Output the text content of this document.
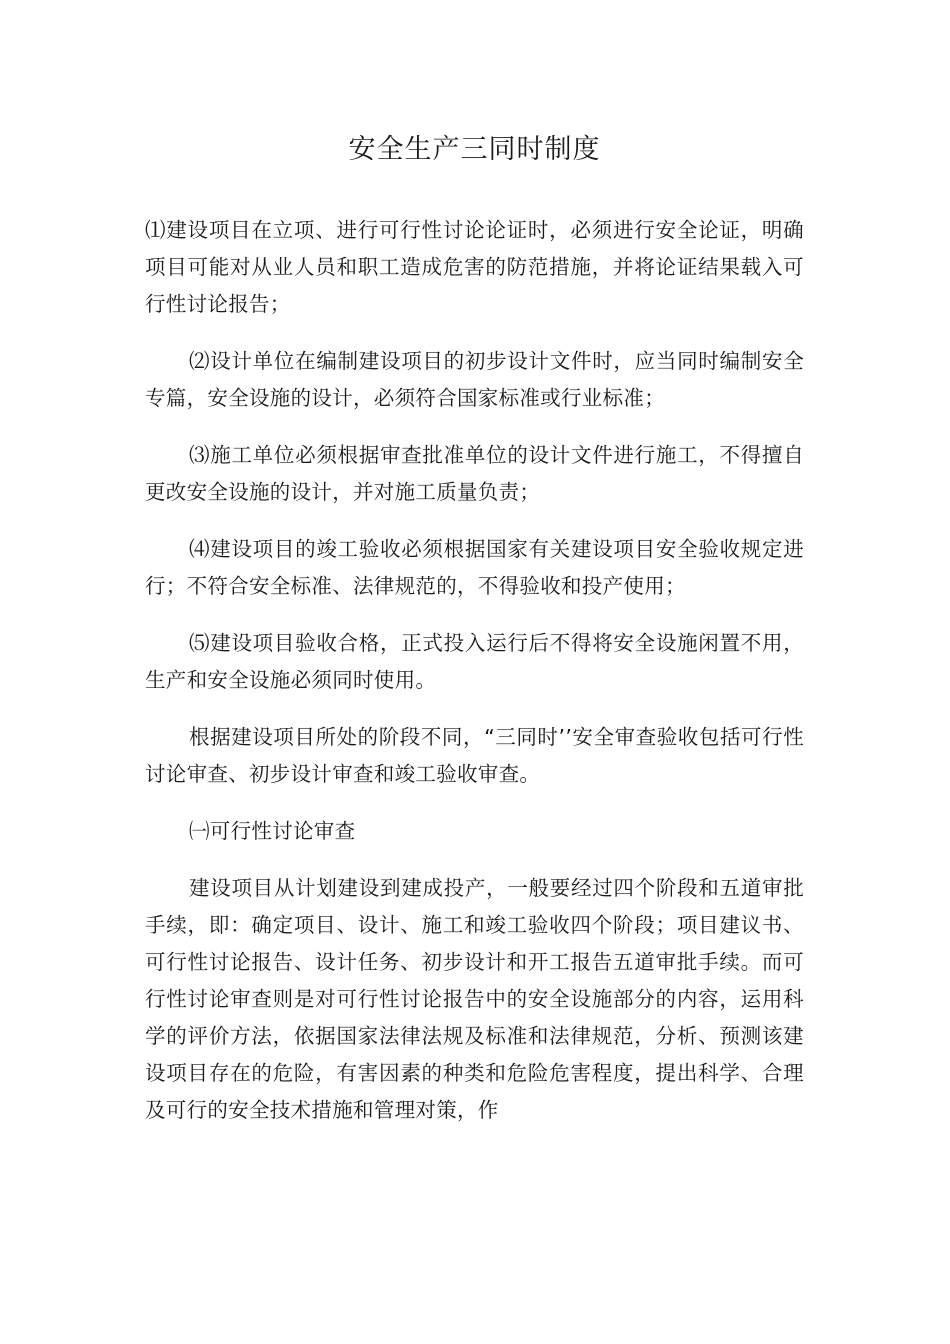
安全生产三同时制度

⑴建设项目在立项、进行可行性讨论论证时，必须进行安全论证，明确项目可能对从业人员和职工造成危害的防范措施，并将论证结果载入可行性讨论报告；

⑵设计单位在编制建设项目的初步设计文件时，应当同时编制安全专篇，安全设施的设计，必须符合国家标准或行业标准；

⑶施工单位必须根据审查批准单位的设计文件进行施工，不得擅自更改安全设施的设计，并对施工质量负责；

⑷建设项目的竣工验收必须根据国家有关建设项目安全验收规定进行；不符合安全标准、法律规范的，不得验收和投产使用；

⑸建设项目验收合格，正式投入运行后不得将安全设施闲置不用，生产和安全设施必须同时使用。

根据建设项目所处的阶段不同，“三同时’’安全审查验收包括可行性讨论审查、初步设计审查和竣工验收审查。

㈠可行性讨论审查

建设项目从计划建设到建成投产，一般要经过四个阶段和五道审批手续，即：确定项目、设计、施工和竣工验收四个阶段；项目建议书、可行性讨论报告、设计任务、初步设计和开工报告五道审批手续。而可行性讨论审查则是对可行性讨论报告中的安全设施部分的内容，运用科学的评价方法，依据国家法律法规及标准和法律规范，分析、预测该建设项目存在的危险，有害因素的种类和危险危害程度，提出科学、合理及可行的安全技术措施和管理对策，作
